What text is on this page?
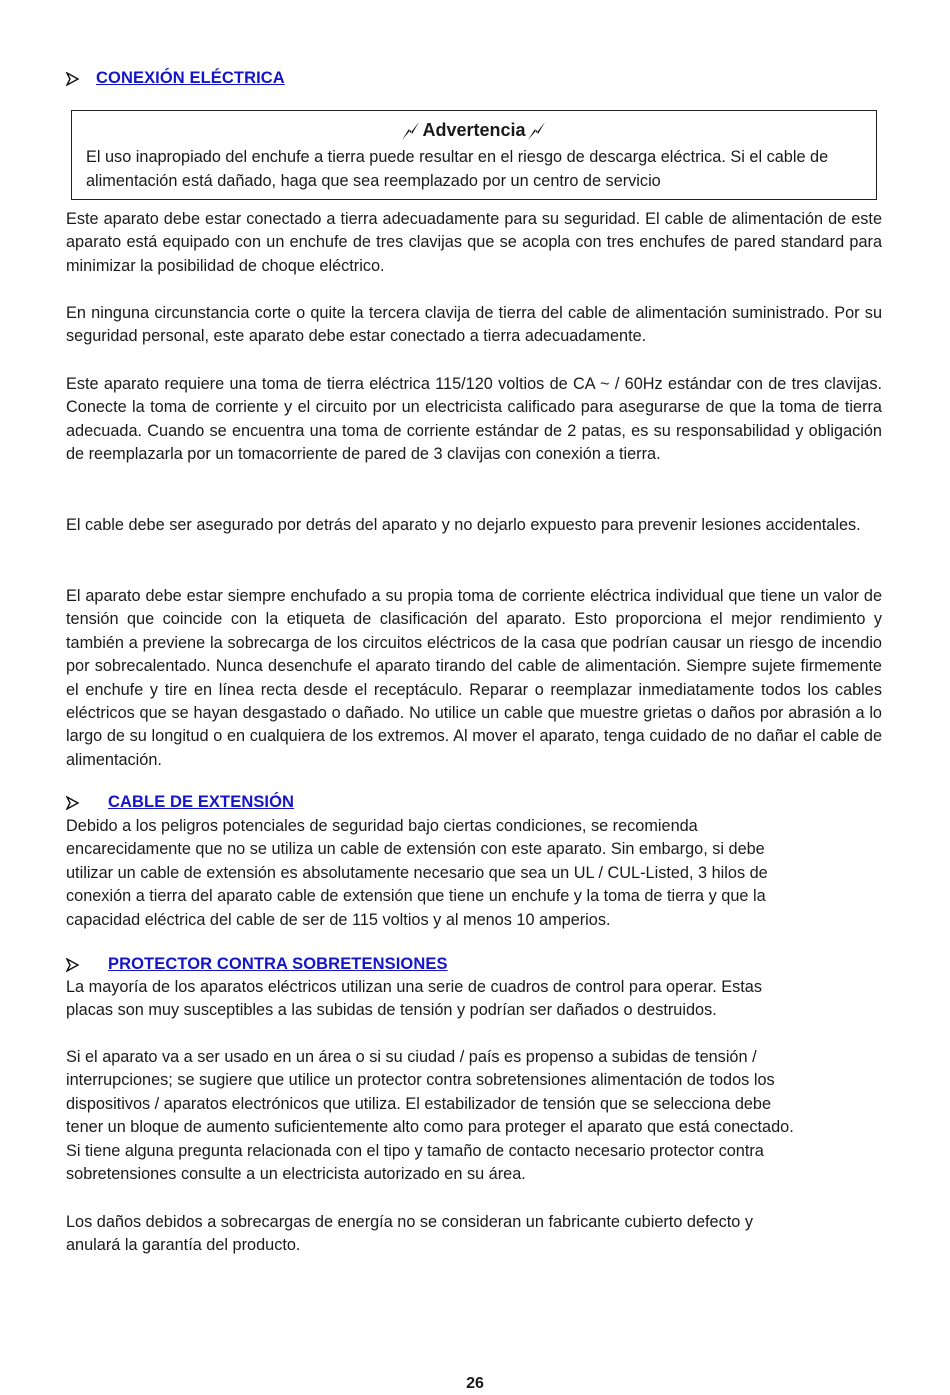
CONEXIÓN ELÉCTRICA
Advertencia
El uso inapropiado del enchufe a tierra puede resultar en el riesgo de descarga eléctrica. Si el cable de alimentación está dañado, haga que sea reemplazado por un centro de servicio

Este aparato debe estar conectado a tierra adecuadamente para su seguridad. El cable de alimentación de este aparato está equipado con un enchufe de tres clavijas que se acopla con tres enchufes de pared standard para minimizar la posibilidad de choque eléctrico.

En ninguna circunstancia corte o quite la tercera clavija de tierra del cable de alimentación suministrado. Por su seguridad personal, este aparato debe estar conectado a tierra adecuadamente.

Este aparato requiere una toma de tierra eléctrica 115/120 voltios de CA ~ / 60Hz estándar con de tres clavijas. Conecte la toma de corriente y el circuito por un electricista calificado para asegurarse de que la toma de tierra adecuada. Cuando se encuentra una toma de corriente estándar de 2 patas, es su responsabilidad y obligación de reemplazarla por un tomacorriente de pared de 3 clavijas con conexión a tierra.

El cable debe ser asegurado por detrás del aparato y no dejarlo expuesto para prevenir lesiones accidentales.

El aparato debe estar siempre enchufado a su propia toma de corriente eléctrica individual que tiene un valor de tensión que coincide con la etiqueta de clasificación del aparato. Esto proporciona el mejor rendimiento y también a previene la sobrecarga de los circuitos eléctricos de la casa que podrían causar un riesgo de incendio por sobrecalentado. Nunca desenchufe el aparato tirando del cable de alimentación. Siempre sujete firmemente el enchufe y tire en línea recta desde el receptáculo. Reparar o reemplazar inmediatamente todos los cables eléctricos que se hayan desgastado o dañado. No utilice un cable que muestre grietas o daños por abrasión a lo largo de su longitud o en cualquiera de los extremos. Al mover el aparato, tenga cuidado de no dañar el cable de alimentación.

CABLE DE EXTENSIÓN

Debido a los peligros potenciales de seguridad bajo ciertas condiciones, se recomienda
encarecidamente que no se utiliza un cable de extensión con este aparato. Sin embargo, si debe
utilizar un cable de extensión es absolutamente necesario que sea un UL / CUL-Listed, 3 hilos de
conexión a tierra del aparato cable de extensión que tiene un enchufe y la toma de tierra y que la
capacidad eléctrica del cable de ser de 115 voltios y al menos 10 amperios.

PROTECTOR CONTRA SOBRETENSIONES

La mayoría de los aparatos eléctricos utilizan una serie de cuadros de control para operar. Estas
placas son muy susceptibles a las subidas de tensión y podrían ser dañados o destruidos.

Si el aparato va a ser usado en un área o si su ciudad / país es propenso a subidas de tensión /
interrupciones; se sugiere que utilice un protector contra sobretensiones alimentación de todos los
dispositivos / aparatos electrónicos que utiliza. El estabilizador de tensión que se selecciona debe
tener un bloque de aumento suficientemente alto como para proteger el aparato que está conectado.
Si tiene alguna pregunta relacionada con el tipo y tamaño de contacto necesario protector contra
sobretensiones consulte a un electricista autorizado en su área.

Los daños debidos a sobrecargas de energía no se consideran un fabricante cubierto defecto y
anulará la garantía del producto.

26
